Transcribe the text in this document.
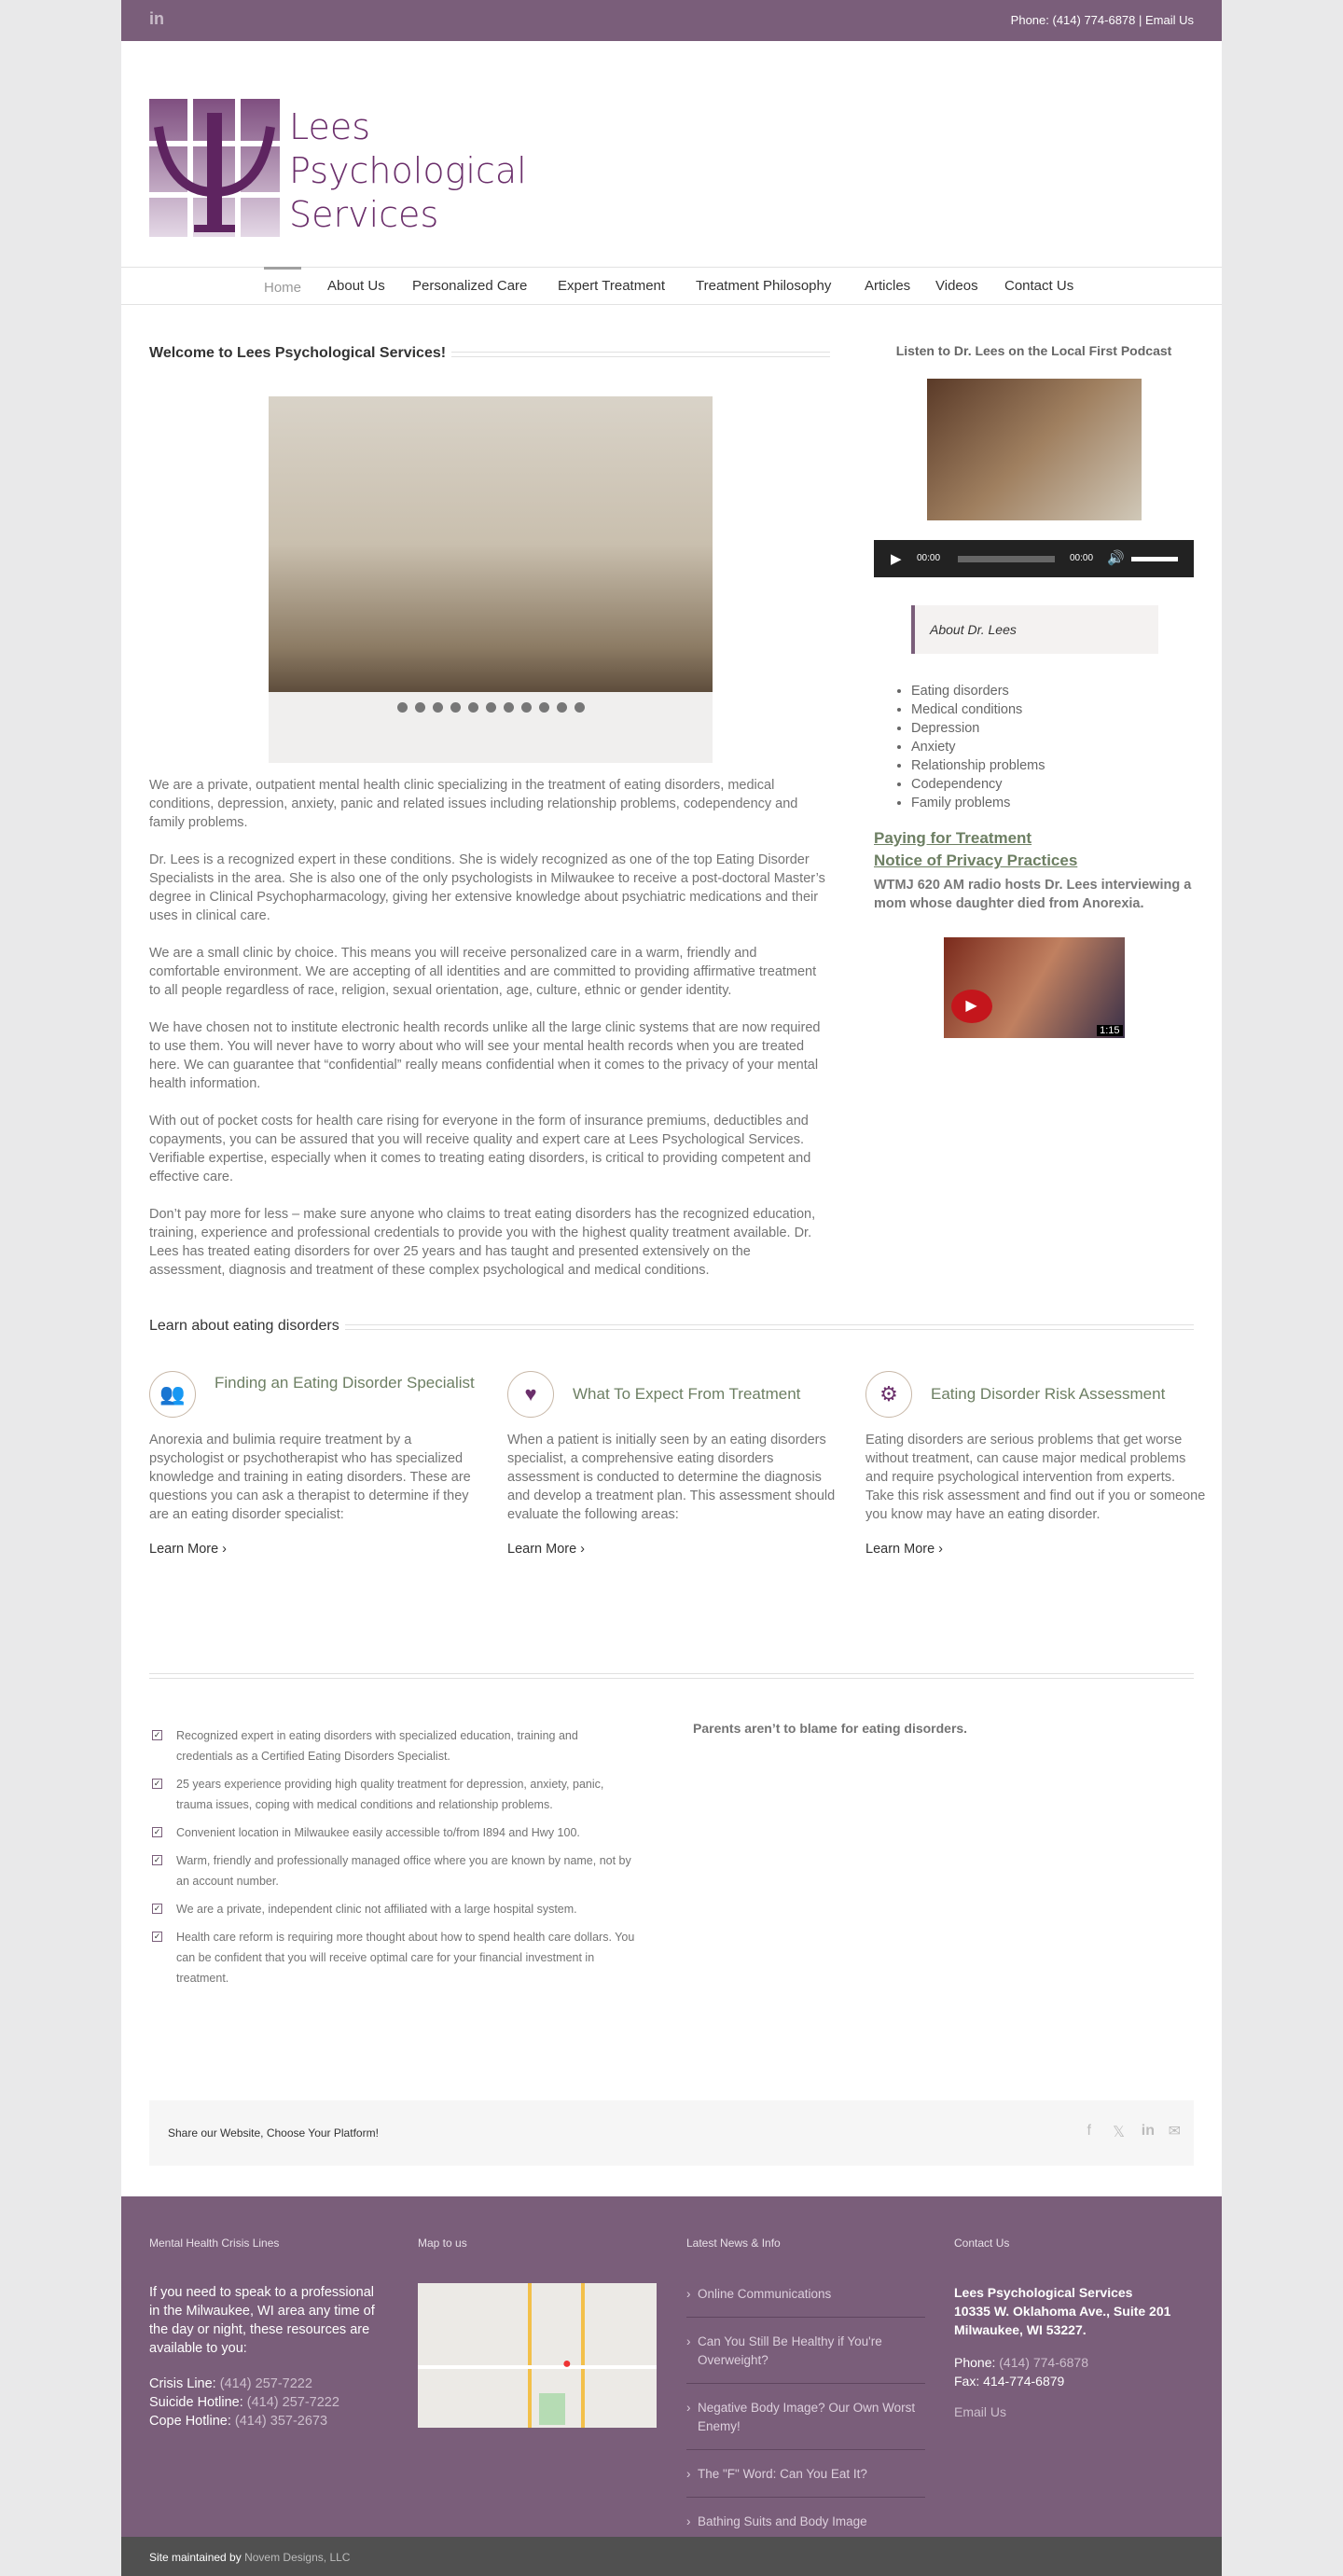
in	Phone: (414) 774-6878 | Email Us
Lees
Psychological
Services
Home About Us Personalized Care Expert Treatment Treatment Philosophy Articles Videos Contact Us
Welcome to Lees Psychological Services!

We are a private, outpatient mental health clinic specializing in the treatment of eating disorders, medical conditions, depression, anxiety, panic and related issues including relationship problems, codependency and family problems.

Dr. Lees is a recognized expert in these conditions. She is widely recognized as one of the top Eating Disorder Specialists in the area. She is also one of the only psychologists in Milwaukee to receive a post-doctoral Master’s degree in Clinical Psychopharmacology, giving her extensive knowledge about psychiatric medications and their uses in clinical care.

We are a small clinic by choice. This means you will receive personalized care in a warm, friendly and comfortable environment. We are accepting of all identities and are committed to providing affirmative treatment to all people regardless of race, religion, sexual orientation, age, culture, ethnic or gender identity.

We have chosen not to institute electronic health records unlike all the large clinic systems that are now required to use them. You will never have to worry about who will see your mental health records when you are treated here. We can guarantee that “confidential” really means confidential when it comes to the privacy of your mental health information.

With out of pocket costs for health care rising for everyone in the form of insurance premiums, deductibles and copayments, you can be assured that you will receive quality and expert care at Lees Psychological Services. Verifiable expertise, especially when it comes to treating eating disorders, is critical to providing competent and effective care.

Don’t pay more for less – make sure anyone who claims to treat eating disorders has the recognized education, training, experience and professional credentials to provide you with the highest quality treatment available. Dr. Lees has treated eating disorders for over 25 years and has taught and presented extensively on the assessment, diagnosis and treatment of these complex psychological and medical conditions.

Listen to Dr. Lees on the Local First Podcast
▶ 00:00	00:00 🔊
About Dr. Lees
• Eating disorders
• Medical conditions
• Depression
• Anxiety
• Relationship problems
• Codependency
• Family problems
Paying for Treatment
Notice of Privacy Practices
WTMJ 620 AM radio hosts Dr. Lees interviewing a mom whose daughter died from Anorexia.
▶
1:15
Learn about eating disorders
👥	Finding an Eating Disorder Specialist

Anorexia and bulimia require treatment by a psychologist or psychotherapist who has specialized knowledge and training in eating disorders. These are questions you can ask a therapist to determine if they are an eating disorder specialist:

Learn More ›
♥	What To Expect From Treatment

When a patient is initially seen by an eating disorders specialist, a comprehensive eating disorders assessment is conducted to determine the diagnosis and develop a treatment plan. This assessment should evaluate the following areas:

Learn More ›
⚙	Eating Disorder Risk Assessment

Eating disorders are serious problems that get worse without treatment, can cause major medical problems and require psychological intervention from experts. Take this risk assessment and find out if you or someone you know may have an eating disorder.

Learn More ›
✓ Recognized expert in eating disorders with specialized education, training and credentials as a Certified Eating Disorders Specialist.
✓ 25 years experience providing high quality treatment for depression, anxiety, panic, trauma issues, coping with medical conditions and relationship problems.
✓ Convenient location in Milwaukee easily accessible to/from I894 and Hwy 100.
✓ Warm, friendly and professionally managed office where you are known by name, not by an account number.
✓ We are a private, independent clinic not affiliated with a large hospital system.
✓ Health care reform is requiring more thought about how to spend health care dollars. You can be confident that you will receive optimal care for your financial investment in treatment.
Parents aren’t to blame for eating disorders.
Share our Website, Choose Your Platform!	f 𝕏 in ✉
Mental Health Crisis Lines
If you need to speak to a professional in the Milwaukee, WI area any time of the day or night, these resources are available to you:
Crisis Line: (414) 257-7222
Suicide Hotline: (414) 257-7222
Cope Hotline: (414) 357-2673
Map to us
●
Latest News & Info
› Online Communications
› Can You Still Be Healthy if You're Overweight?
› Negative Body Image? Our Own Worst Enemy!
› The "F" Word: Can You Eat It?
› Bathing Suits and Body Image
Contact Us
Lees Psychological Services
10335 W. Oklahoma Ave., Suite 201
Milwaukee, WI 53227.
Phone: (414) 774-6878
Fax: 414-774-6879
Email Us
Site maintained by Novem Designs, LLC
